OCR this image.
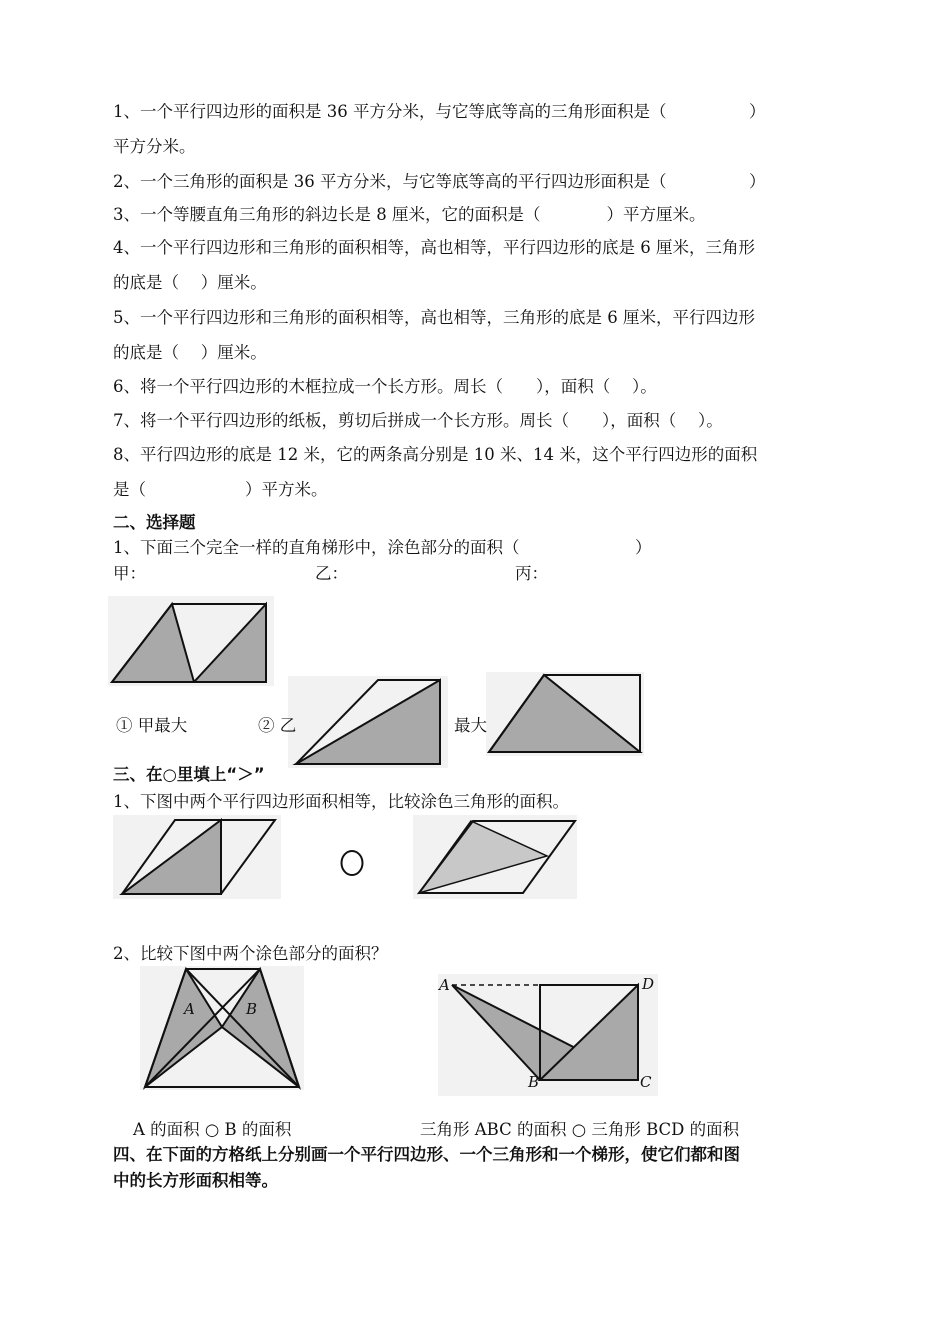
1、一个平行四边形的面积是 36 平方分米，与它等底等高的三角形面积是（　　　　　）
平方分米。
2、一个三角形的面积是 36 平方分米，与它等底等高的平行四边形面积是（　　　　　）
3、一个等腰直角三角形的斜边长是 8 厘米，它的面积是（　　　　）平方厘米。
4、一个平行四边形和三角形的面积相等，高也相等，平行四边形的底是 6 厘米，三角形
的底是（　 ）厘米。
5、一个平行四边形和三角形的面积相等，高也相等，三角形的底是 6 厘米，平行四边形
的底是（　 ）厘米。
6、将一个平行四边形的木框拉成一个长方形。周长（　　），面积（　 ）。
7、将一个平行四边形的纸板，剪切后拼成一个长方形。周长（　　），面积（　 ）。
8、平行四边形的底是 12 米，它的两条高分别是 10 米、14 米，这个平行四边形的面积
是（　　　　　　）平方米。
二、选择题
1、下面三个完全一样的直角梯形中，涂色部分的面积（　　　　　　　）
甲：	乙：	丙：
① 甲最大	② 乙	最大
三、在○里填上“＞”
1、下图中两个平行四边形面积相等，比较涂色三角形的面积。
2、比较下图中两个涂色部分的面积？
A	B
A
B	C
D
A 的面积 ○ B 的面积	三角形 ABC 的面积 ○ 三角形 BCD 的面积
四、在下面的方格纸上分别画一个平行四边形、一个三角形和一个梯形，使它们都和图
中的长方形面积相等。
